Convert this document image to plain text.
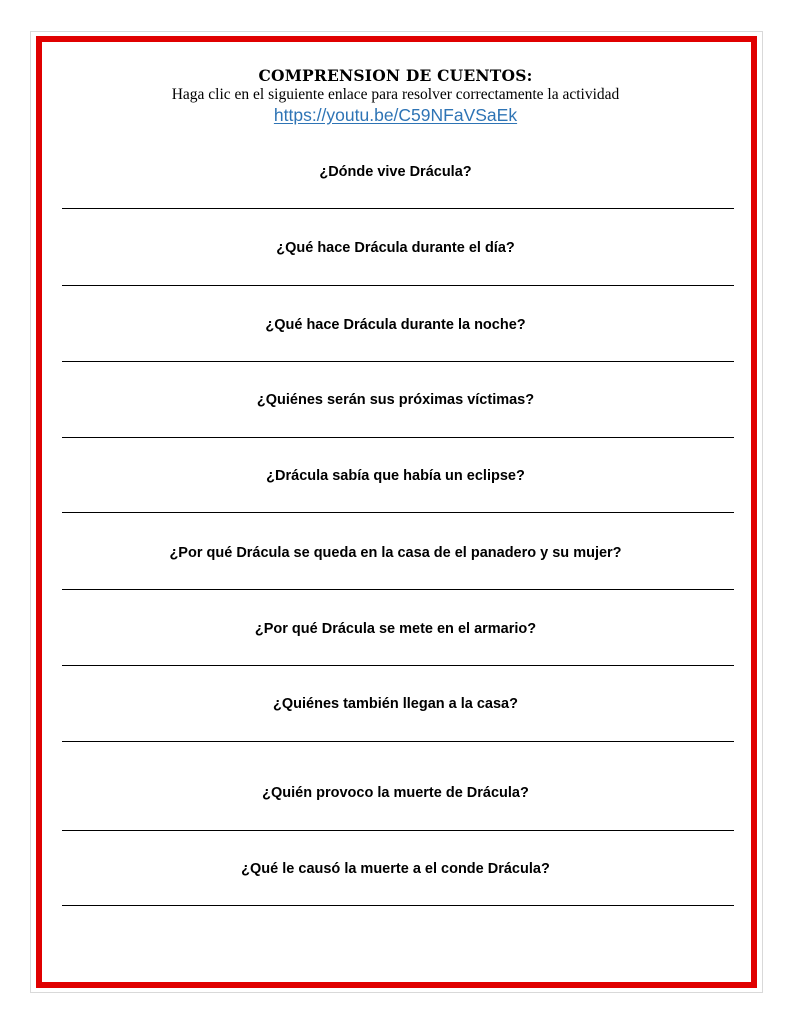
COMPRENSION DE CUENTOS:

Haga clic en el siguiente enlace para resolver correctamente la actividad

https://youtu.be/C59NFaVSaEk

¿Dónde vive Drácula?

¿Qué hace Drácula durante el día?

¿Qué hace Drácula durante la noche?

¿Quiénes serán sus próximas víctimas?

¿Drácula sabía que había un eclipse?

¿Por qué Drácula se queda en la casa de el panadero y su mujer?

¿Por qué Drácula se mete en el armario?

¿Quiénes también llegan a la casa?

¿Quién provoco la muerte de Drácula?

¿Qué le causó la muerte a el conde Drácula?
